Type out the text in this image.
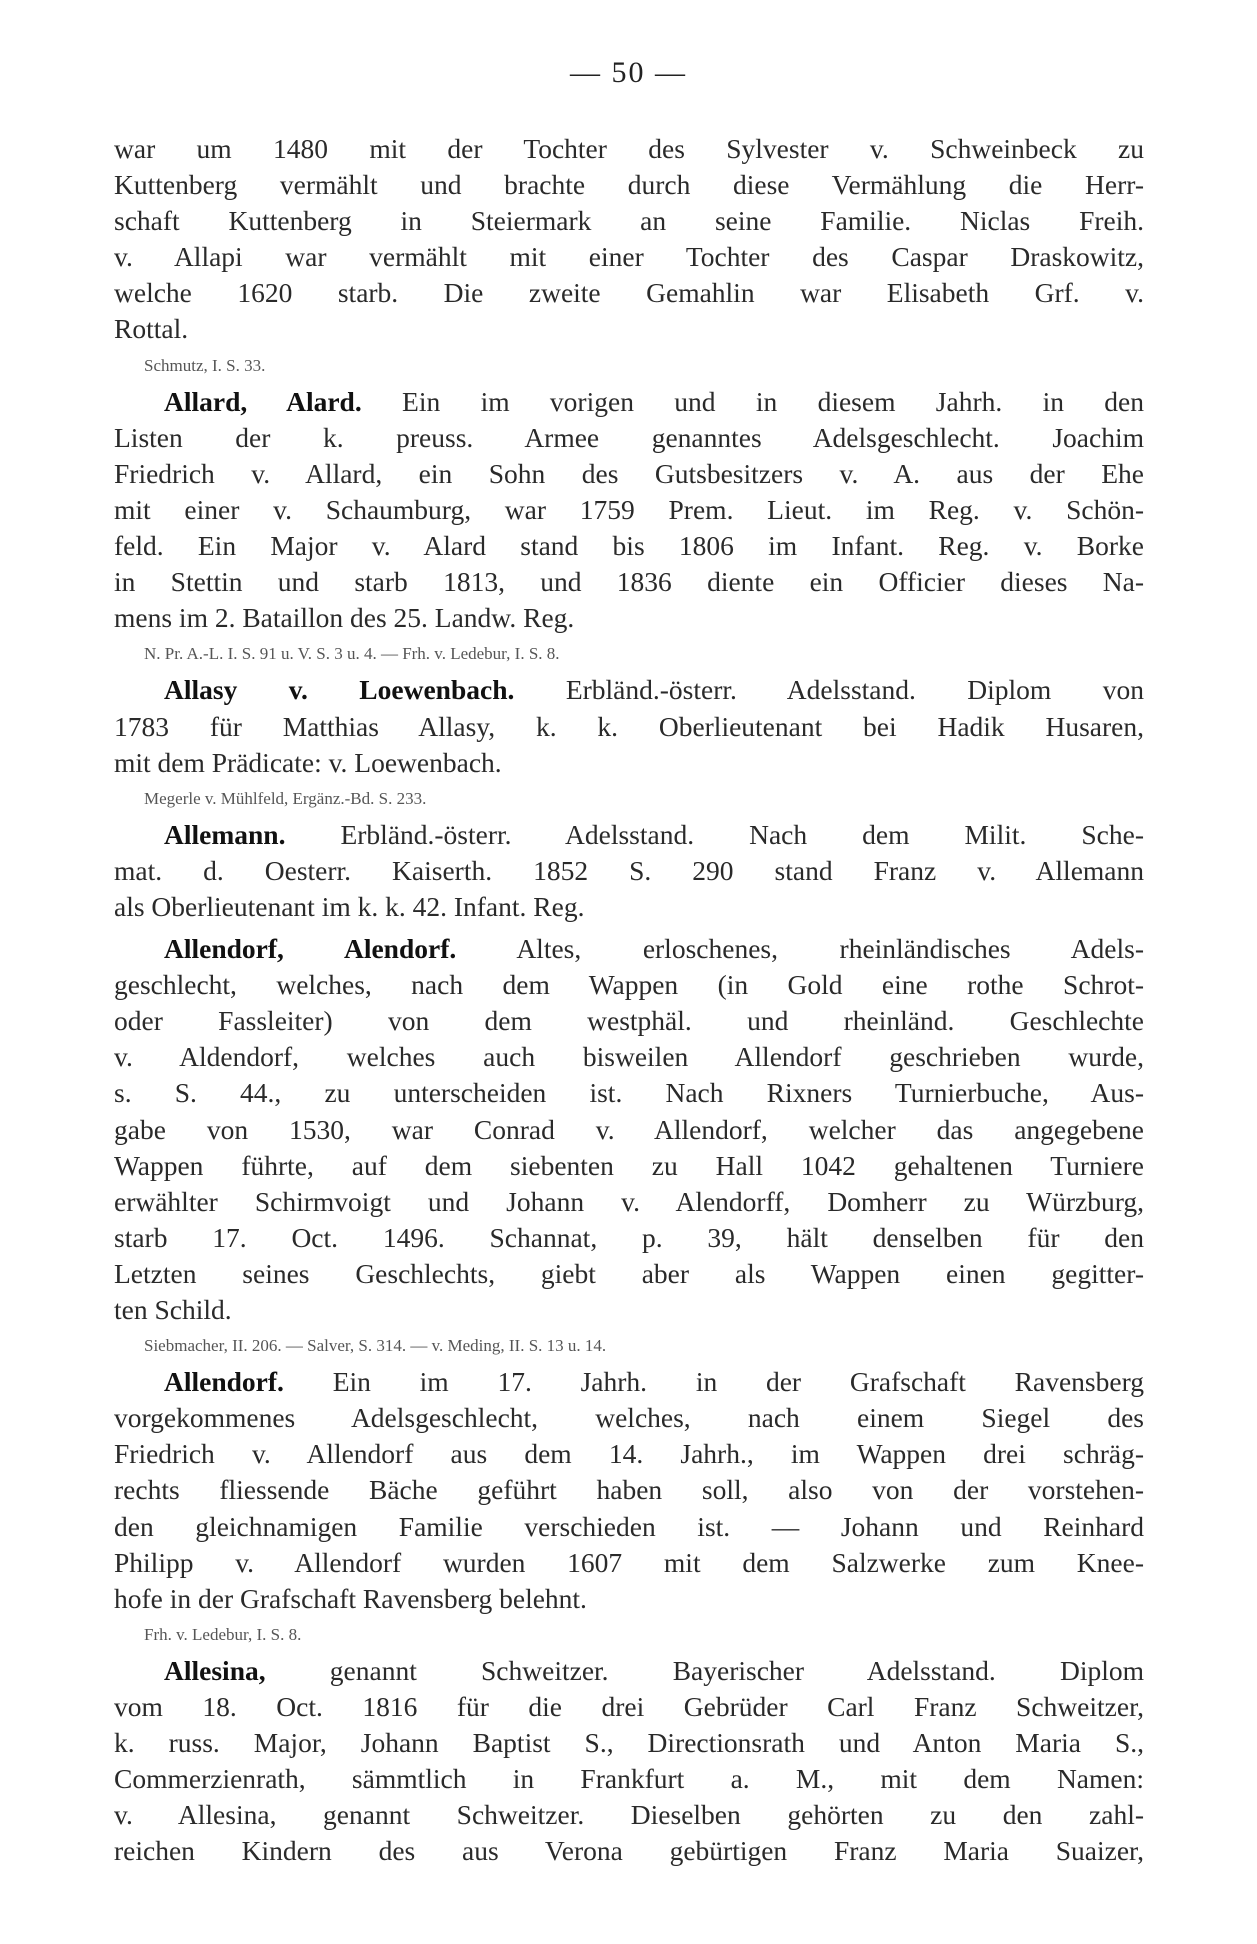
— 50 —
war um 1480 mit der Tochter des Sylvester v. Schweinbeck zu
Kuttenberg vermählt und brachte durch diese Vermählung die Herr-
schaft Kuttenberg in Steiermark an seine Familie. Niclas Freih.
v. Allapi war vermählt mit einer Tochter des Caspar Draskowitz,
welche 1620 starb. Die zweite Gemahlin war Elisabeth Grf. v.
Rottal.
Schmutz, I. S. 33.
Allard, Alard. Ein im vorigen und in diesem Jahrh. in den
Listen der k. preuss. Armee genanntes Adelsgeschlecht. Joachim
Friedrich v. Allard, ein Sohn des Gutsbesitzers v. A. aus der Ehe
mit einer v. Schaumburg, war 1759 Prem. Lieut. im Reg. v. Schön-
feld. Ein Major v. Alard stand bis 1806 im Infant. Reg. v. Borke
in Stettin und starb 1813, und 1836 diente ein Officier dieses Na-
mens im 2. Bataillon des 25. Landw. Reg.
N. Pr. A.-L. I. S. 91 u. V. S. 3 u. 4. — Frh. v. Ledebur, I. S. 8.
Allasy v. Loewenbach. Erbländ.-österr. Adelsstand. Diplom von
1783 für Matthias Allasy, k. k. Oberlieutenant bei Hadik Husaren,
mit dem Prädicate: v. Loewenbach.
Megerle v. Mühlfeld, Ergänz.-Bd. S. 233.
Allemann. Erbländ.-österr. Adelsstand. Nach dem Milit. Sche-
mat. d. Oesterr. Kaiserth. 1852 S. 290 stand Franz v. Allemann
als Oberlieutenant im k. k. 42. Infant. Reg.
Allendorf, Alendorf. Altes, erloschenes, rheinländisches Adels-
geschlecht, welches, nach dem Wappen (in Gold eine rothe Schrot-
oder Fassleiter) von dem westphäl. und rheinländ. Geschlechte
v. Aldendorf, welches auch bisweilen Allendorf geschrieben wurde,
s. S. 44., zu unterscheiden ist. Nach Rixners Turnierbuche, Aus-
gabe von 1530, war Conrad v. Allendorf, welcher das angegebene
Wappen führte, auf dem siebenten zu Hall 1042 gehaltenen Turniere
erwählter Schirmvoigt und Johann v. Alendorff, Domherr zu Würzburg,
starb 17. Oct. 1496. Schannat, p. 39, hält denselben für den
Letzten seines Geschlechts, giebt aber als Wappen einen gegitter-
ten Schild.
Siebmacher, II. 206. — Salver, S. 314. — v. Meding, II. S. 13 u. 14.
Allendorf. Ein im 17. Jahrh. in der Grafschaft Ravensberg
vorgekommenes Adelsgeschlecht, welches, nach einem Siegel des
Friedrich v. Allendorf aus dem 14. Jahrh., im Wappen drei schräg-
rechts fliessende Bäche geführt haben soll, also von der vorstehen-
den gleichnamigen Familie verschieden ist. — Johann und Reinhard
Philipp v. Allendorf wurden 1607 mit dem Salzwerke zum Knee-
hofe in der Grafschaft Ravensberg belehnt.
Frh. v. Ledebur, I. S. 8.
Allesina, genannt Schweitzer. Bayerischer Adelsstand. Diplom
vom 18. Oct. 1816 für die drei Gebrüder Carl Franz Schweitzer,
k. russ. Major, Johann Baptist S., Directionsrath und Anton Maria S.,
Commerzienrath, sämmtlich in Frankfurt a. M., mit dem Namen:
v. Allesina, genannt Schweitzer. Dieselben gehörten zu den zahl-
reichen Kindern des aus Verona gebürtigen Franz Maria Suaizer,
